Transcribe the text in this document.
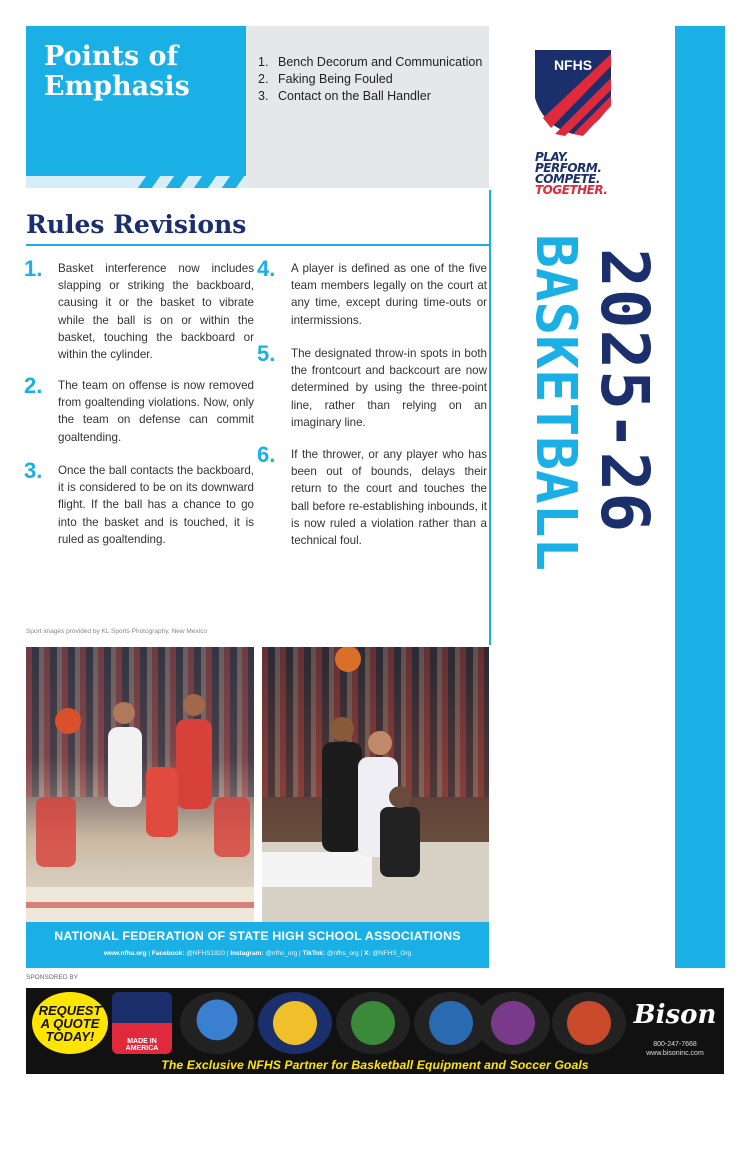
Points of Emphasis
1. Bench Decorum and Communication
2. Faking Being Fouled
3. Contact on the Ball Handler
Rules Revisions
1. Basket interference now includes slapping or striking the backboard, causing it or the basket to vibrate while the ball is on or within the basket, touching the backboard or within the cylinder.
2. The team on offense is now removed from goaltending violations. Now, only the team on defense can commit goaltending.
3. Once the ball contacts the backboard, it is considered to be on its downward flight. If the ball has a chance to go into the basket and is touched, it is ruled as goaltending.
4. A player is defined as one of the five team members legally on the court at any time, except during time-outs or intermissions.
5. The designated throw-in spots in both the frontcourt and backcourt are now determined by using the three-point line, rather than relying on an imaginary line.
6. If the thrower, or any player who has been out of bounds, delays their return to the court and touches the ball before re-establishing inbounds, it is now ruled a violation rather than a technical foul.
Sport images provided by KL Sports Photography, New Mexico
NATIONAL FEDERATION OF STATE HIGH SCHOOL ASSOCIATIONS
www.nfhs.org | Facebook: @NFHS1920 | Instagram: @nfhs_org | TikTok: @nfhs_org | X: @NFHS_Org
NFHS
PLAY.
PERFORM.
COMPETE.
TOGETHER.
2025-26
BASKETBALL
SPONSORED BY
REQUEST
A QUOTE
TODAY!	MADE IN AMERICA
Bison
800-247-7668
www.bisoninc.com
The Exclusive NFHS Partner for Basketball Equipment and Soccer Goals
